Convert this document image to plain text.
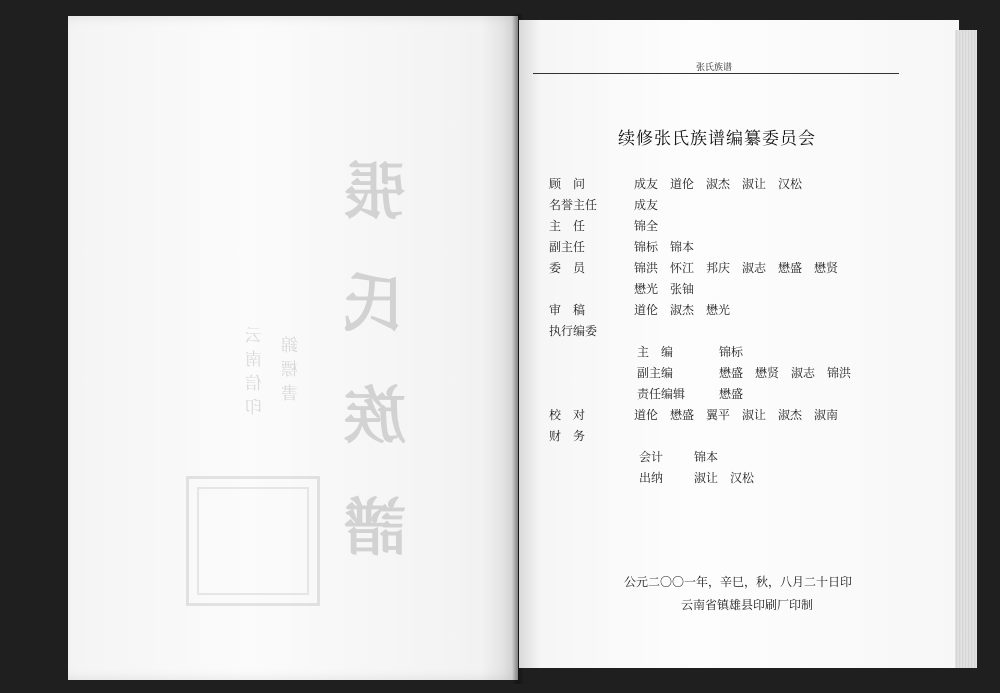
張
氏
族
譜
云
南
信
印
錦
標
書
张氏族谱
续修张氏族谱编纂委员会
顾　问	成友　道伦　淑杰　淑让　汉松
名誉主任	成友
主　任	锦全
副主任	锦标　锦本
委　员	锦洪　怀江　邦庆　淑志　懋盛　懋贤
懋光　张铀
审　稿	道伦　淑杰　懋光
执行编委
主　编	锦标
副主编	懋盛　懋贤　淑志　锦洪
责任编辑	懋盛
校　对	道伦　懋盛　翼平　淑让　淑杰　淑南
财　务
会计	锦本
出纳	淑让　汉松
公元二〇〇一年，辛巳，秋，八月二十日印
云南省镇雄县印刷厂印制
